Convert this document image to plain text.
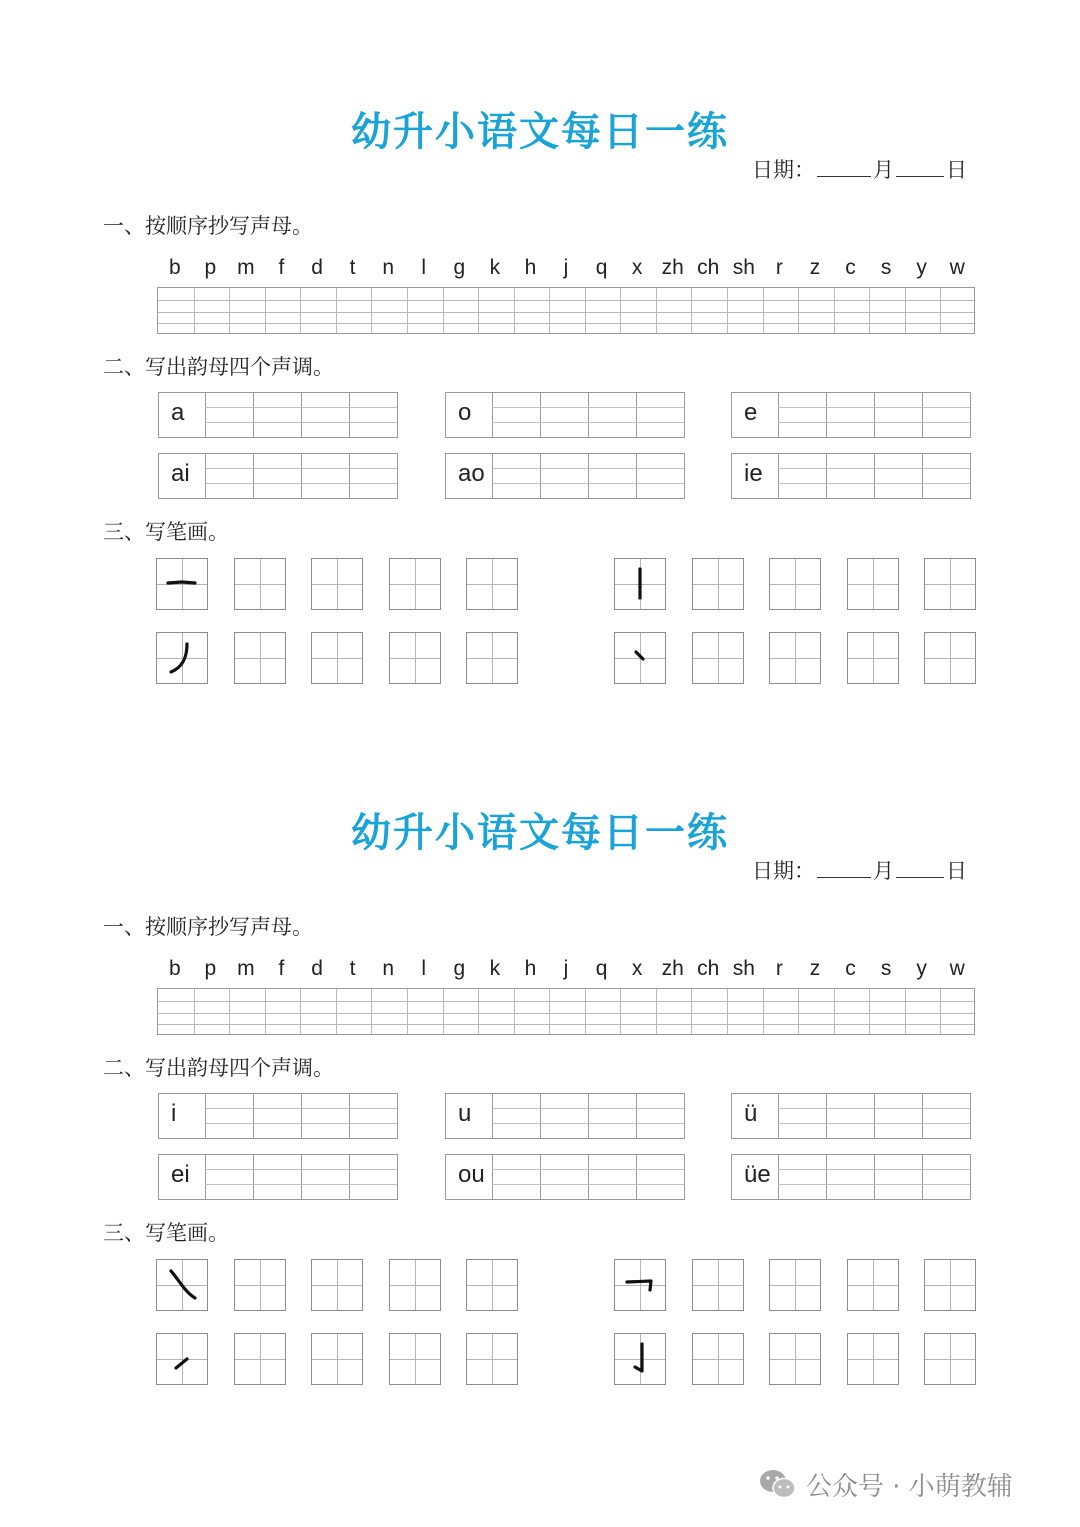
幼升小语文每日一练
日期：	月 日
一、按顺序抄写声母。
b	p m	f	d	t	n	l	g	k	h	j	q	x zh ch sh r	z	c	s	y	w
二、写出韵母四个声调。
a	o	e
ai	ao	ie
三、写笔画。
幼升小语文每日一练
日期：	月 日
一、按顺序抄写声母。
b	p m	f	d	t	n	l	g	k	h	j	q	x zh ch sh r	z	c	s	y	w
二、写出韵母四个声调。
i	u	ü
ei	ou	üe
三、写笔画。
公众号 · 小萌教辅
